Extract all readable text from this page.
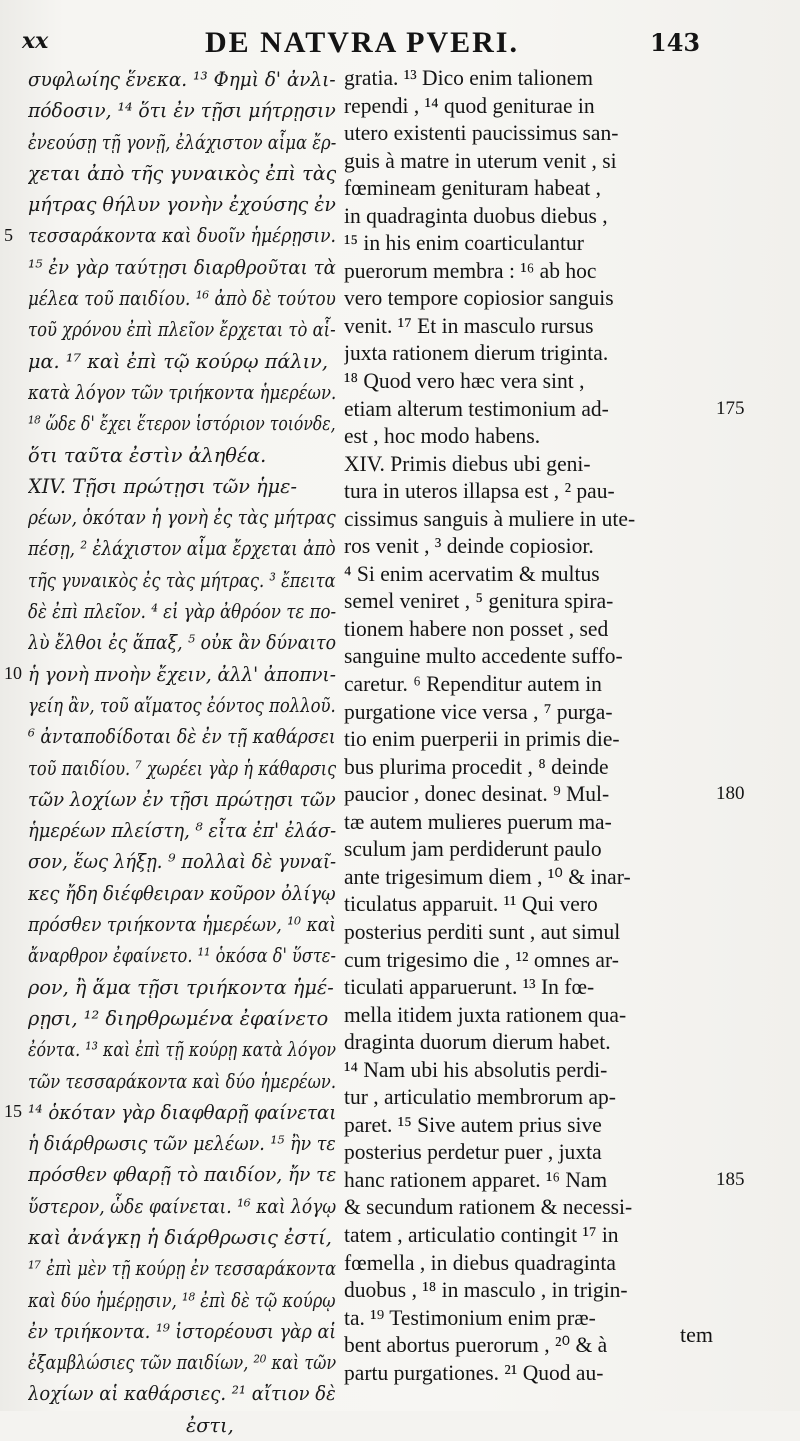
xx	DE NATVRA PVERI.	143
συφλωίης ἕνεκα. ¹³ Φημὶ δ' ἀνλι-
πόδοσιν, ¹⁴ ὅτι ἐν τῇσι μήτρῃσιν
ἐνεούσῃ τῇ γονῇ, ἐλάχιστον αἷμα ἔρ-
χεται ἀπὸ τῆς γυναικὸς ἐπὶ τὰς
μήτρας θήλυν γονὴν ἐχούσης ἐν
τεσσαράκοντα καὶ δυοῖν ἡμέρῃσιν.
¹⁵ ἐν γὰρ ταύτῃσι διαρθροῦται τὰ
μέλεα τοῦ παιδίου. ¹⁶ ἀπὸ δὲ τούτου
τοῦ χρόνου ἐπὶ πλεῖον ἔρχεται τὸ αἷ-
μα. ¹⁷ καὶ ἐπὶ τῷ κούρῳ πάλιν,
κατὰ λόγον τῶν τριήκοντα ἡμερέων.
¹⁸ ὥδε δ' ἔχει ἕτερον ἱστόριον τοιόνδε,
ὅτι ταῦτα ἐστὶν ἀληθέα.
XIV. Τῇσι πρώτῃσι τῶν ἡμε-
ρέων, ὁκόταν ἡ γονὴ ἐς τὰς μήτρας
πέσῃ, ² ἐλάχιστον αἷμα ἔρχεται ἀπὸ
τῆς γυναικὸς ἐς τὰς μήτρας. ³ ἔπειτα
δὲ ἐπὶ πλεῖον. ⁴ εἰ γὰρ ἀθρόον τε πο-
λὺ ἔλθοι ἐς ἅπαξ, ⁵ οὐκ ἂν δύναιτο
ἡ γονὴ πνοὴν ἔχειν, ἀλλ' ἀποπνι-
γείη ἂν, τοῦ αἵματος ἐόντος πολλοῦ.
⁶ ἀνταποδίδοται δὲ ἐν τῇ καθάρσει
τοῦ παιδίου. ⁷ χωρέει γὰρ ἡ κάθαρσις
τῶν λοχίων ἐν τῇσι πρώτῃσι τῶν
ἡμερέων πλείστη, ⁸ εἶτα ἐπ' ἐλάσ-
σον, ἕως λήξῃ. ⁹ πολλαὶ δὲ γυναῖ-
κες ἤδη διέφθειραν κοῦρον ὀλίγῳ
πρόσθεν τριήκοντα ἡμερέων, ¹⁰ καὶ
ἄναρθρον ἐφαίνετο. ¹¹ ὁκόσα δ' ὕστε-
ρον, ἢ ἅμα τῇσι τριήκοντα ἡμέ-
ρῃσι, ¹² διηρθρωμένα ἐφαίνετο
ἐόντα. ¹³ καὶ ἐπὶ τῇ κούρῃ κατὰ λόγον
τῶν τεσσαράκοντα καὶ δύο ἡμερέων.
¹⁴ ὁκόταν γὰρ διαφθαρῇ φαίνεται
ἡ διάρθρωσις τῶν μελέων. ¹⁵ ἢν τε
πρόσθεν φθαρῇ τὸ παιδίον, ἤν τε
ὕστερον, ὧδε φαίνεται. ¹⁶ καὶ λόγῳ
καὶ ἀνάγκῃ ἡ διάρθρωσις ἐστί,
¹⁷ ἐπὶ μὲν τῇ κούρῃ ἐν τεσσαράκοντα
καὶ δύο ἡμέρῃσιν, ¹⁸ ἐπὶ δὲ τῷ κούρῳ
ἐν τριήκοντα. ¹⁹ ἱστορέουσι γὰρ αἱ
ἐξαμβλώσιες τῶν παιδίων, ²⁰ καὶ τῶν
λοχίων αἱ καθάρσιες. ²¹ αἴτιον δὲ
ἐστι,
gratia. ¹³ Dico enim talionem
rependi , ¹⁴ quod geniturae in
utero existenti paucissimus san-
guis à matre in uterum venit , si
fœmineam genituram habeat ,
in quadraginta duobus diebus ,
¹⁵ in his enim coarticulantur
puerorum membra : ¹⁶ ab hoc
vero tempore copiosior sanguis
venit. ¹⁷ Et in masculo rursus
juxta rationem dierum triginta.
¹⁸ Quod vero hæc vera sint ,
etiam alterum testimonium ad-
est , hoc modo habens.
XIV. Primis diebus ubi geni-
tura in uteros illapsa est , ² pau-
cissimus sanguis à muliere in ute-
ros venit , ³ deinde copiosior.
⁴ Si enim acervatim & multus
semel veniret , ⁵ genitura spira-
tionem habere non posset , sed
sanguine multo accedente suffo-
caretur. ⁶ Rependitur autem in
purgatione vice versa , ⁷ purga-
tio enim puerperii in primis die-
bus plurima procedit , ⁸ deinde
paucior , donec desinat. ⁹ Mul-
tæ autem mulieres puerum ma-
sculum jam perdiderunt paulo
ante trigesimum diem , ¹⁰ & inar-
ticulatus apparuit. ¹¹ Qui vero
posterius perditi sunt , aut simul
cum trigesimo die , ¹² omnes ar-
ticulati apparuerunt. ¹³ In fœ-
mella itidem juxta rationem qua-
draginta duorum dierum habet.
¹⁴ Nam ubi his absolutis perdi-
tur , articulatio membrorum ap-
paret. ¹⁵ Sive autem prius sive
posterius perdetur puer , juxta
hanc rationem apparet. ¹⁶ Nam
& secundum rationem & necessi-
tatem , articulatio contingit ¹⁷ in
fœmella , in diebus quadraginta
duobus , ¹⁸ in masculo , in trigin-
ta. ¹⁹ Testimonium enim præ-
bent abortus puerorum , ²⁰ & à
partu purgationes. ²¹ Quod au-
5
10
15
175
180
185
tem
